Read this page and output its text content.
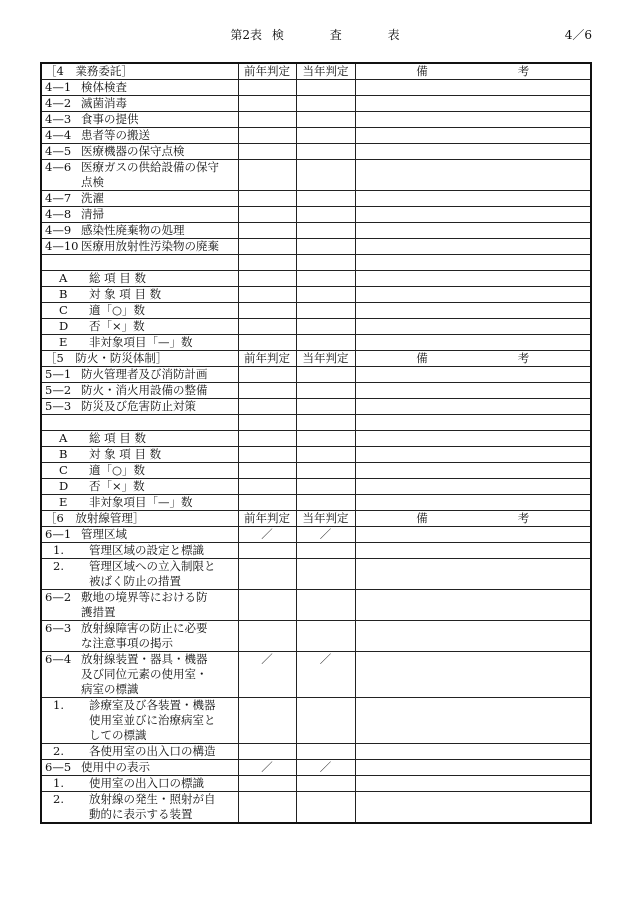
第2表 検	査	表	4／6
［4　業務委託］	前年判定	当年判定	備 考

4—1 検体検査			

4—2 滅菌消毒			

4—3 食事の提供			

4—4 患者等の搬送			

4—5 医療機器の保守点検			

4—6 医療ガスの供給設備の保守
点検			

4—7 洗濯			

4—8 清掃			

4—9 感染性廃棄物の処理			

4—10 医療用放射性汚染物の廃棄			

A 総 項 目 数			

B 対 象 項 目 数			

C 適「○」数			

D 否「×」数			

E 非対象項目「—」数			

［5　防火・防災体制］	前年判定	当年判定	備 考

5—1 防火管理者及び消防計画			

5—2 防火・消火用設備の整備			

5—3 防災及び危害防止対策			

A 総 項 目 数			

B 対 象 項 目 数			

C 適「○」数			

D 否「×」数			

E 非対象項目「—」数			

［6　放射線管理］	前年判定	当年判定	備 考

6—1 管理区域	／	／	

1. 管理区域の設定と標識			

2. 管理区域への立入制限と
被ばく防止の措置			

6—2 敷地の境界等における防
護措置			

6—3 放射線障害の防止に必要
な注意事項の掲示			

6—4 放射線装置・器具・機器
及び同位元素の使用室・
病室の標識	／	／	

1. 診療室及び各装置・機器
使用室並びに治療病室と
しての標識			

2. 各使用室の出入口の構造			

6—5 使用中の表示	／	／	

1. 使用室の出入口の標識			

2. 放射線の発生・照射が自
動的に表示する装置			
